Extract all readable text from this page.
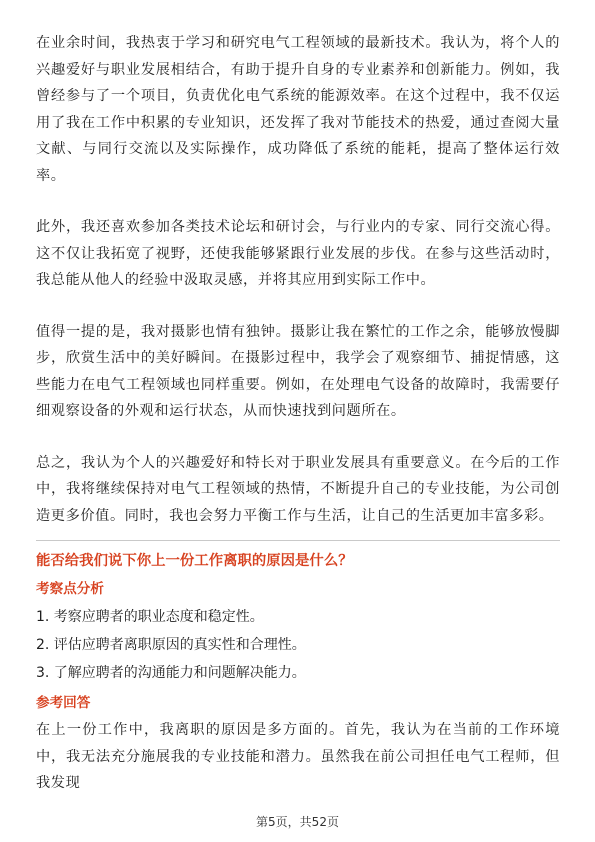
在业余时间，我热衷于学习和研究电气工程领域的最新技术。我认为，将个人的兴趣爱好与职业发展相结合，有助于提升自身的专业素养和创新能力。例如，我曾经参与了一个项目，负责优化电气系统的能源效率。在这个过程中，我不仅运用了我在工作中积累的专业知识，还发挥了我对节能技术的热爱，通过查阅大量文献、与同行交流以及实际操作，成功降低了系统的能耗，提高了整体运行效率。

此外，我还喜欢参加各类技术论坛和研讨会，与行业内的专家、同行交流心得。这不仅让我拓宽了视野，还使我能够紧跟行业发展的步伐。在参与这些活动时，我总能从他人的经验中汲取灵感，并将其应用到实际工作中。

值得一提的是，我对摄影也情有独钟。摄影让我在繁忙的工作之余，能够放慢脚步，欣赏生活中的美好瞬间。在摄影过程中，我学会了观察细节、捕捉情感，这些能力在电气工程领域也同样重要。例如，在处理电气设备的故障时，我需要仔细观察设备的外观和运行状态，从而快速找到问题所在。

总之，我认为个人的兴趣爱好和特长对于职业发展具有重要意义。在今后的工作中，我将继续保持对电气工程领域的热情，不断提升自己的专业技能，为公司创造更多价值。同时，我也会努力平衡工作与生活，让自己的生活更加丰富多彩。

能否给我们说下你上一份工作离职的原因是什么？

考察点分析

1. 考察应聘者的职业态度和稳定性。

2. 评估应聘者离职原因的真实性和合理性。

3. 了解应聘者的沟通能力和问题解决能力。

参考回答

在上一份工作中，我离职的原因是多方面的。首先，我认为在当前的工作环境中，我无法充分施展我的专业技能和潜力。虽然我在前公司担任电气工程师，但我发现

第5页，共52页
